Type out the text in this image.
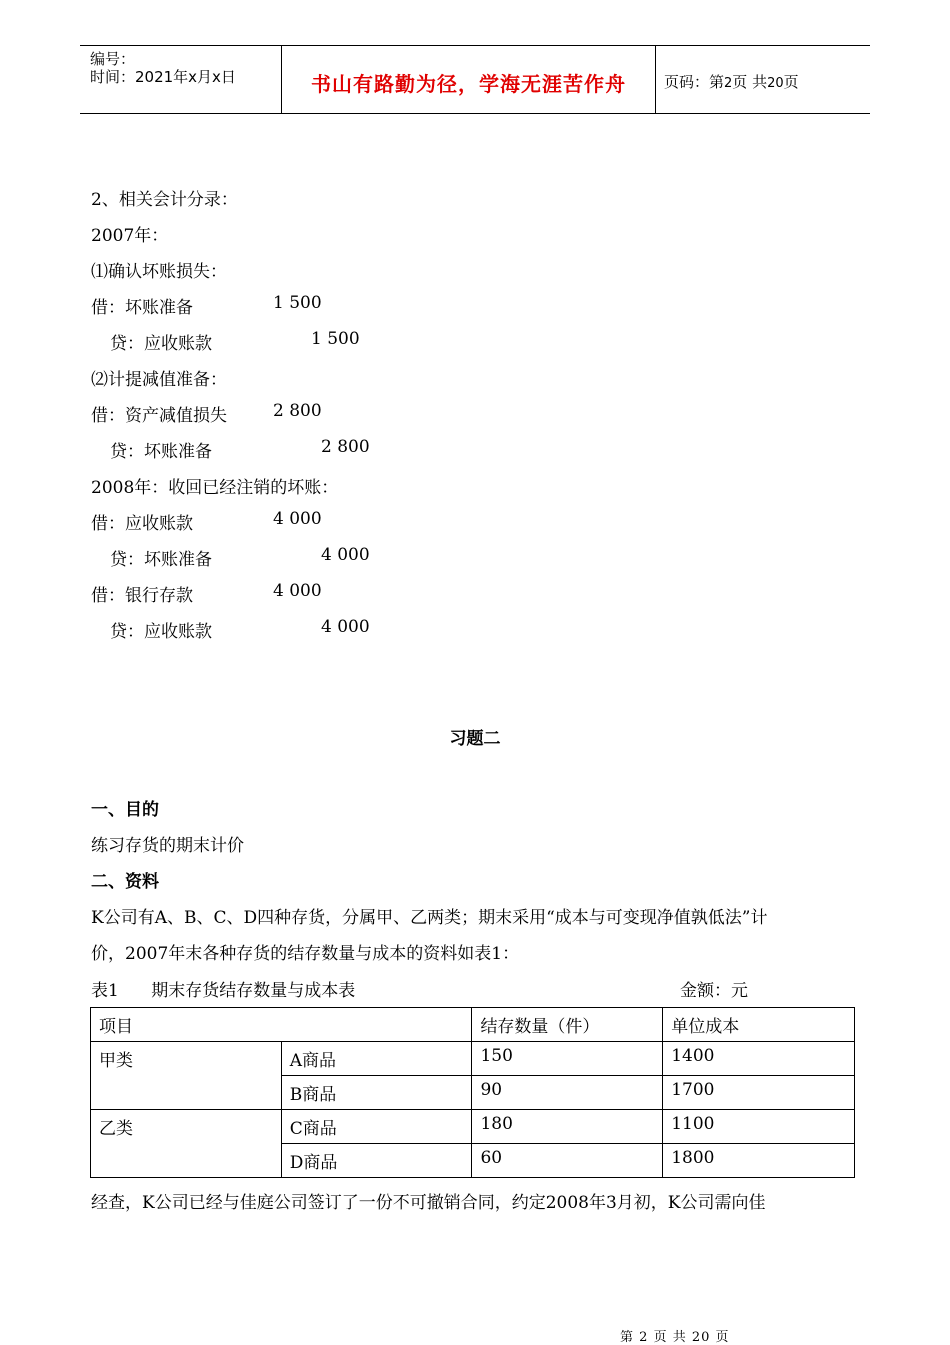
编号：
时间：2021年x月x日	书山有路勤为径，学海无涯苦作舟	页码：第2页 共20页
2、相关会计分录：
2007年：
⑴确认坏账损失：
借：坏账准备	1 500
贷：应收账款	1 500
⑵计提减值准备：
借：资产减值损失	2 800
贷：坏账准备	2 800
2008年：收回已经注销的坏账：
借：应收账款	4 000
贷：坏账准备	4 000
借：银行存款	4 000
贷：应收账款	4 000
习题二
一、目的
练习存货的期末计价
二、资料
K公司有A、B、C、D四种存货，分属甲、乙两类；期末采用“成本与可变现净值孰低法”计
价，2007年末各种存货的结存数量与成本的资料如表1：
表1      期末存货结存数量与成本表	金额：元
项目		结存数量（件）	单位成本
甲类	A商品	150	1400
	B商品	90	1700
乙类	C商品	180	1100
	D商品	60	1800
经查，K公司已经与佳庭公司签订了一份不可撤销合同，约定2008年3月初，K公司需向佳
第 2 页 共 20 页
